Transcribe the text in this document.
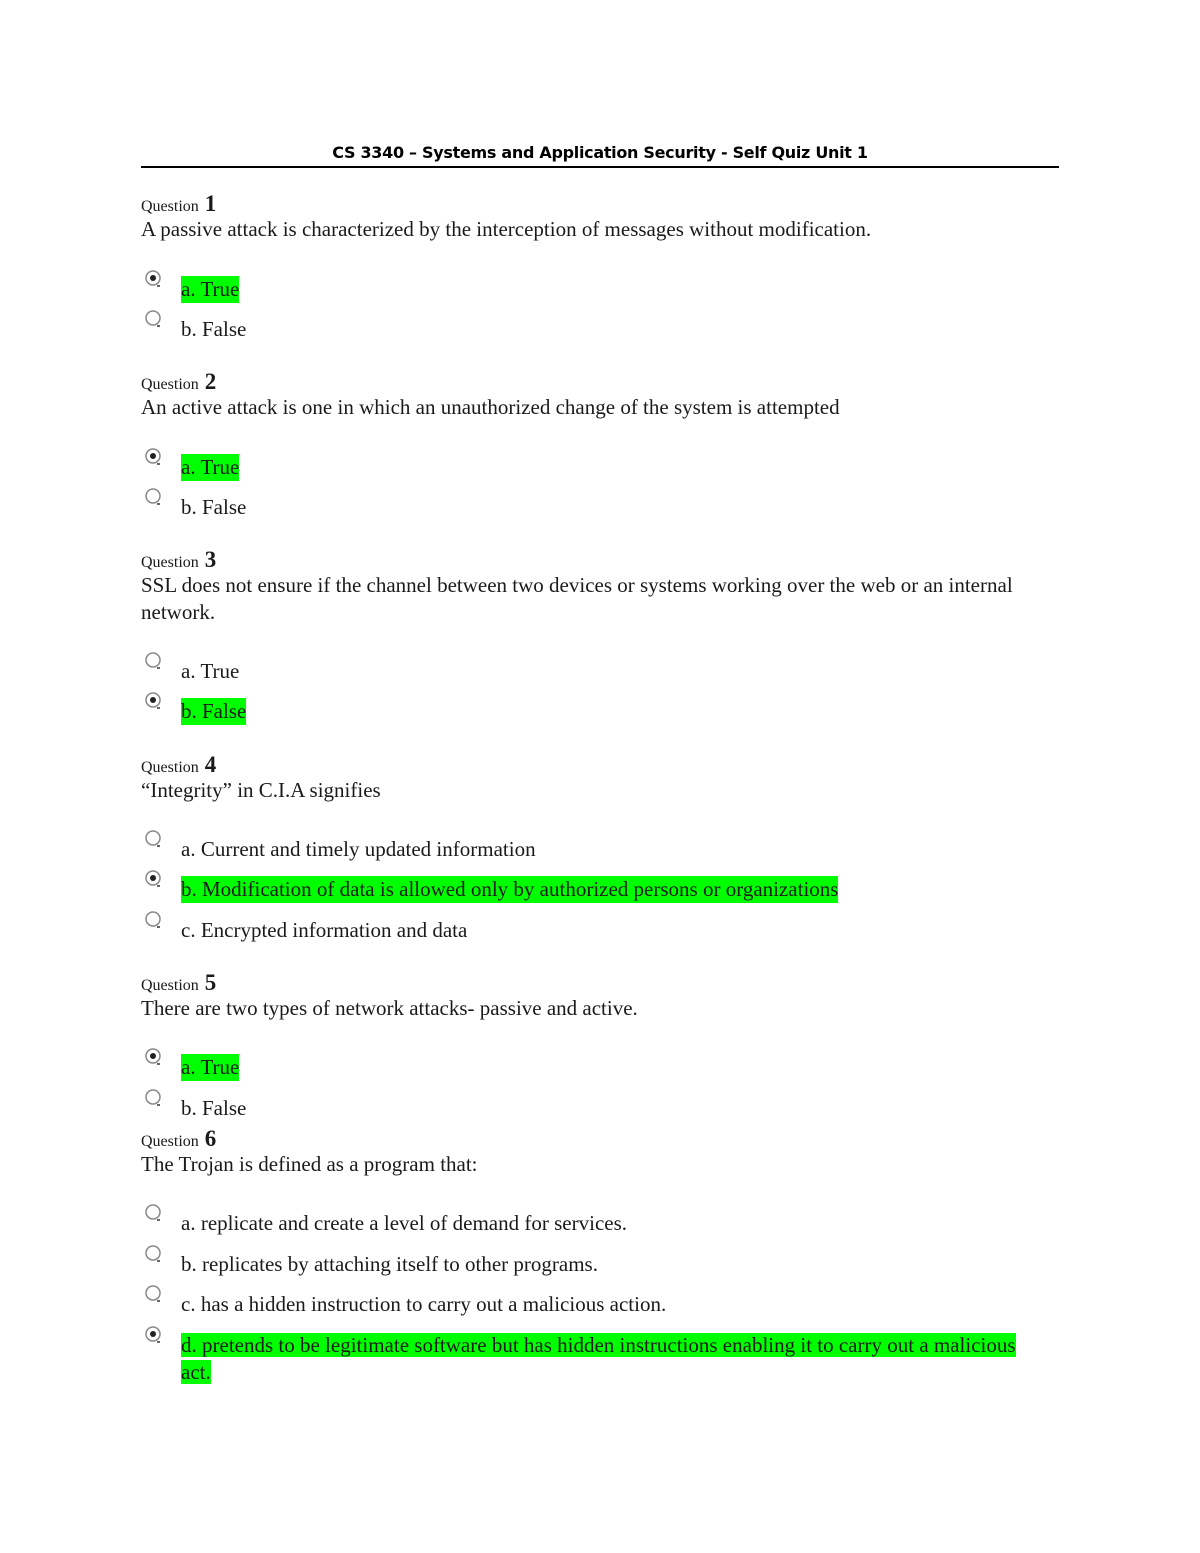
CS 3340 – Systems and Application Security - Self Quiz Unit 1
Question 1
A passive attack is characterized by the interception of messages without modification.
a. True
b. False
Question 2
An active attack is one in which an unauthorized change of the system is attempted
a. True
b. False
Question 3
SSL does not ensure if the channel between two devices or systems working over the web or an internal network.
a. True
b. False
Question 4
“Integrity” in C.I.A signifies
a. Current and timely updated information
b. Modification of data is allowed only by authorized persons or organizations
c. Encrypted information and data
Question 5
There are two types of network attacks- passive and active.
a. True
b. False
Question 6
The Trojan is defined as a program that:
a. replicate and create a level of demand for services.
b. replicates by attaching itself to other programs.
c. has a hidden instruction to carry out a malicious action.
d. pretends to be legitimate software but has hidden instructions enabling it to carry out a malicious act.
